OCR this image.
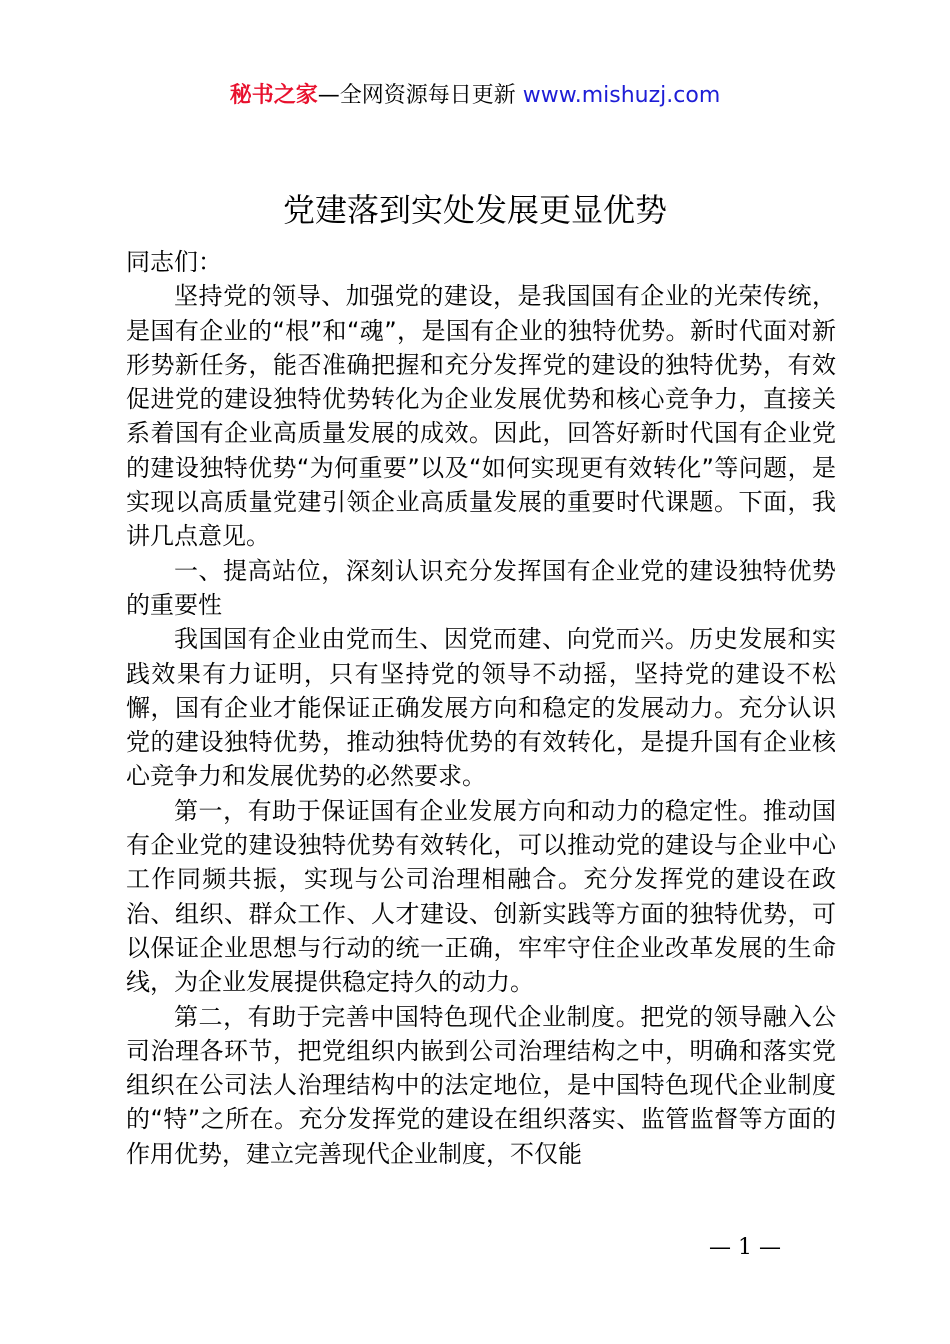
秘书之家—全网资源每日更新 www.mishuzj.com
党建落到实处发展更显优势

同志们：

坚持党的领导、加强党的建设，是我国国有企业的光荣传统，是国有企业的“根”和“魂”，是国有企业的独特优势。新时代面对新形势新任务，能否准确把握和充分发挥党的建设的独特优势，有效促进党的建设独特优势转化为企业发展优势和核心竞争力，直接关系着国有企业高质量发展的成效。因此，回答好新时代国有企业党的建设独特优势“为何重要”以及“如何实现更有效转化”等问题，是实现以高质量党建引领企业高质量发展的重要时代课题。下面，我讲几点意见。

一、提高站位，深刻认识充分发挥国有企业党的建设独特优势的重要性

我国国有企业由党而生、因党而建、向党而兴。历史发展和实践效果有力证明，只有坚持党的领导不动摇，坚持党的建设不松懈，国有企业才能保证正确发展方向和稳定的发展动力。充分认识党的建设独特优势，推动独特优势的有效转化，是提升国有企业核心竞争力和发展优势的必然要求。

第一，有助于保证国有企业发展方向和动力的稳定性。推动国有企业党的建设独特优势有效转化，可以推动党的建设与企业中心工作同频共振，实现与公司治理相融合。充分发挥党的建设在政治、组织、群众工作、人才建设、创新实践等方面的独特优势，可以保证企业思想与行动的统一正确，牢牢守住企业改革发展的生命线，为企业发展提供稳定持久的动力。

第二，有助于完善中国特色现代企业制度。把党的领导融入公司治理各环节，把党组织内嵌到公司治理结构之中，明确和落实党组织在公司法人治理结构中的法定地位，是中国特色现代企业制度的“特”之所在。充分发挥党的建设在组织落实、监管监督等方面的作用优势，建立完善现代企业制度，不仅能

— 1 —
